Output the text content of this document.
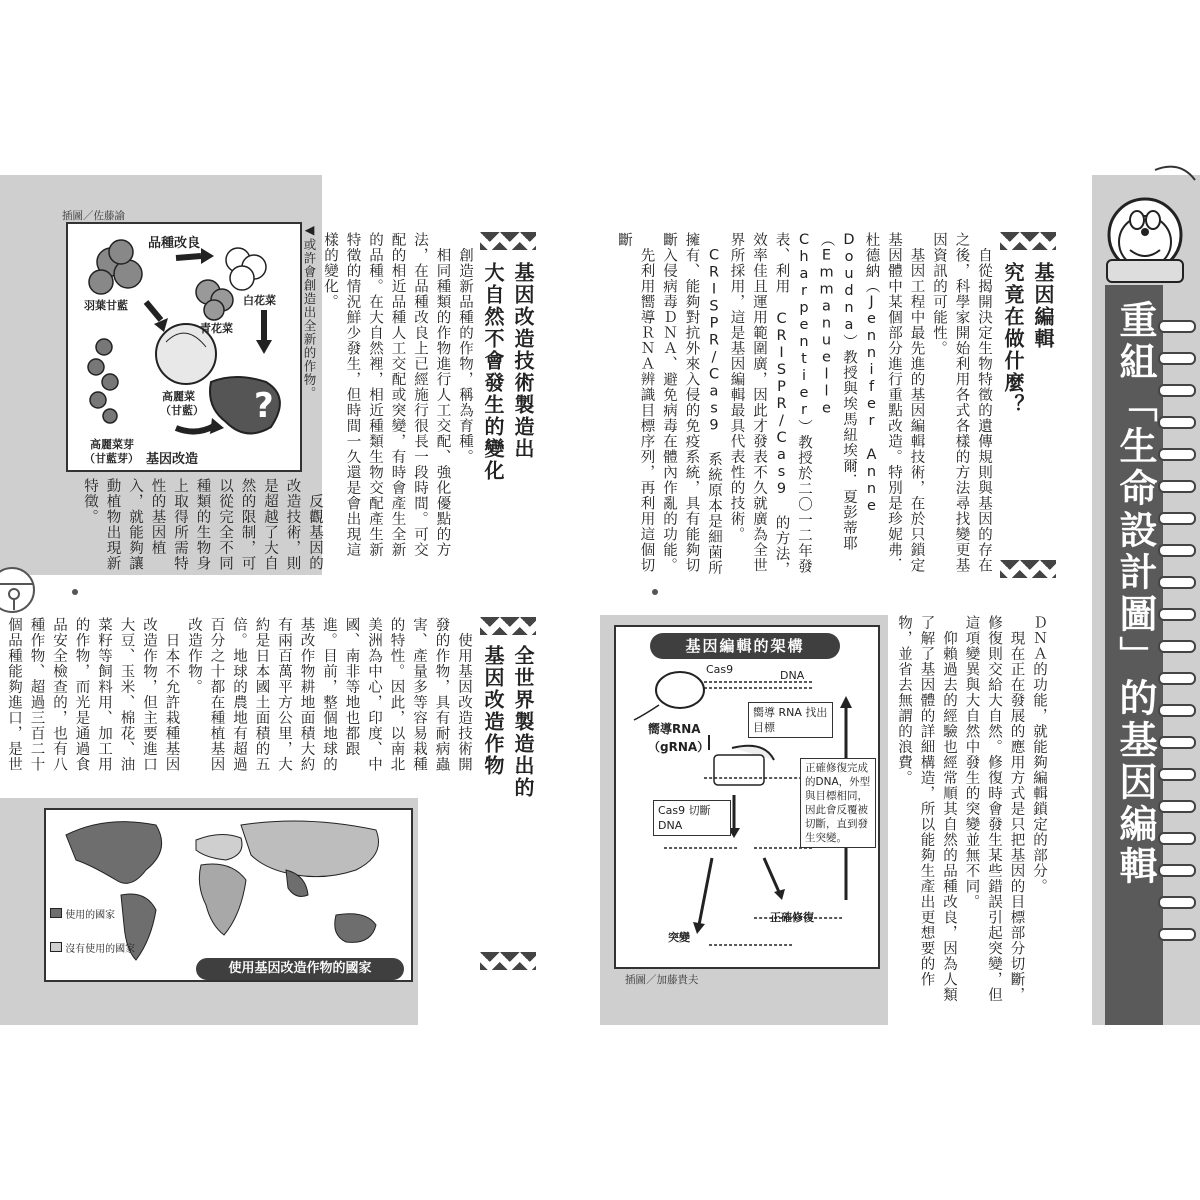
重組「生命設計圖」的基因編輯
基因編輯
究竟在做什麼？

　自從揭開決定生物特徵的遺傳規則與基因的存在之後，科學家開始利用各式各樣的方法尋找變更基因資訊的可能性。

　基因工程中最先進的基因編輯技術，在於只鎖定基因體中某個部分進行重點改造。特別是珍妮弗．杜德納（Jennifer Anne Doudna）教授與埃馬紐埃爾．夏彭蒂耶（Emmanuelle Charpentier）教授於二〇一二年發表、利用 CRISPR/Cas9 的方法，效率佳且運用範圍廣，因此才發表不久就廣為全世界所採用，這是基因編輯最具代表性的技術。

　CRISPR/Cas9 系統原本是細菌所擁有、能夠對抗外來入侵的免疫系統，具有能夠切斷入侵病毒ＤＮＡ、避免病毒在體內作亂的功能。

　先利用嚮導ＲＮＡ辨識目標序列，再利用這個切斷

ＤＮＡ的功能，就能夠編輯鎖定的部分。

　現在正在發展的應用方式是只把基因的目標部分切斷，修復則交給大自然。修復時會發生某些錯誤引起突變，但這項變異與大自然中發生的突變並無不同。

　仰賴過去的經驗也經常順其自然的品種改良，因為人類了解了基因體的詳細構造，所以能夠生產出更想要的作物，並省去無謂的浪費。

基因編輯的架構
Cas9	DNA
嚮導RNA
（gRNA）
嚮導 RNA 找出目標
Cas9 切斷 DNA
正確修復完成的DNA，外型與目標相同，因此會反覆被切斷，直到發生突變。
突變
正確修復
插圖／加藤貴夫
插圖／佐藤諭
品種改良
羽葉甘藍	白花菜
青花菜
高麗菜
（甘藍）
高麗菜芽
（甘藍芽） 基因改造
?
◀或許會創造出全新的作物。	基因改造技術製造出
大自然不會發生的變化

　創造新品種的作物，稱為育種。

　相同種類的作物進行人工交配、強化優點的方法，在品種改良上已經施行很長一段時間。可交配的相近品種人工交配或突變，有時會產生全新的品種。在大自然裡，相近種類生物交配產生新特徵的情況鮮少發生，但時間一久還是會出現這樣的變化。

　反觀基因的改造技術，則是超越了大自然的限制，可以從完全不同種類的生物身上取得所需特性的基因植入，就能夠讓動植物出現新特徵。
全世界製造出的
基因改造作物

　使用基因改造技術開發的作物，具有耐病蟲害、產量多等容易栽種的特性。因此，以南北美洲為中心，印度、中國、南非等地也都跟進。目前，整個地球的基改作物耕地面積大約有兩百萬平方公里，大約是日本國土面積的五倍。地球的農地有超過百分之十都在種植基因改造作物。

　日本不允許栽種基因改造作物，但主要進口大豆、玉米、棉花、油菜籽等飼料用、加工用的作物，而光是通過食品安全檢查的，也有八種作物、超過三百二十個品種能夠進口，是世

使用的國家
沒有使用的國家
使用基因改造作物的國家
